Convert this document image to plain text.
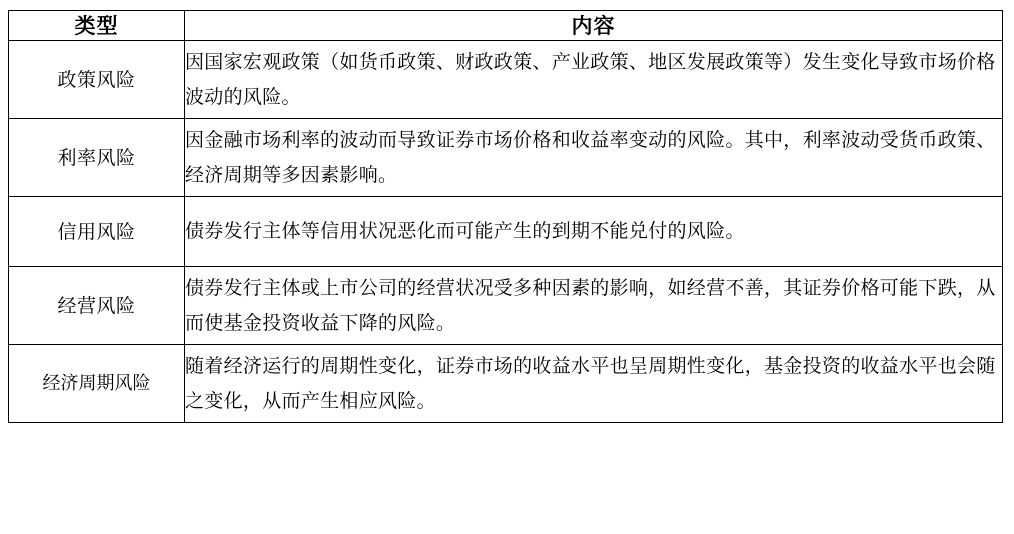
类型	内容
政策风险	因国家宏观政策（如货币政策、财政政策、产业政策、地区发展政策等）发生变化导致市场价格波动的风险。
利率风险	因金融市场利率的波动而导致证券市场价格和收益率变动的风险。其中，利率波动受货币政策、经济周期等多因素影响。
信用风险	债券发行主体等信用状况恶化而可能产生的到期不能兑付的风险。
经营风险	债券发行主体或上市公司的经营状况受多种因素的影响，如经营不善，其证券价格可能下跌，从而使基金投资收益下降的风险。
经济周期风险	随着经济运行的周期性变化，证券市场的收益水平也呈周期性变化，基金投资的收益水平也会随之变化，从而产生相应风险。
